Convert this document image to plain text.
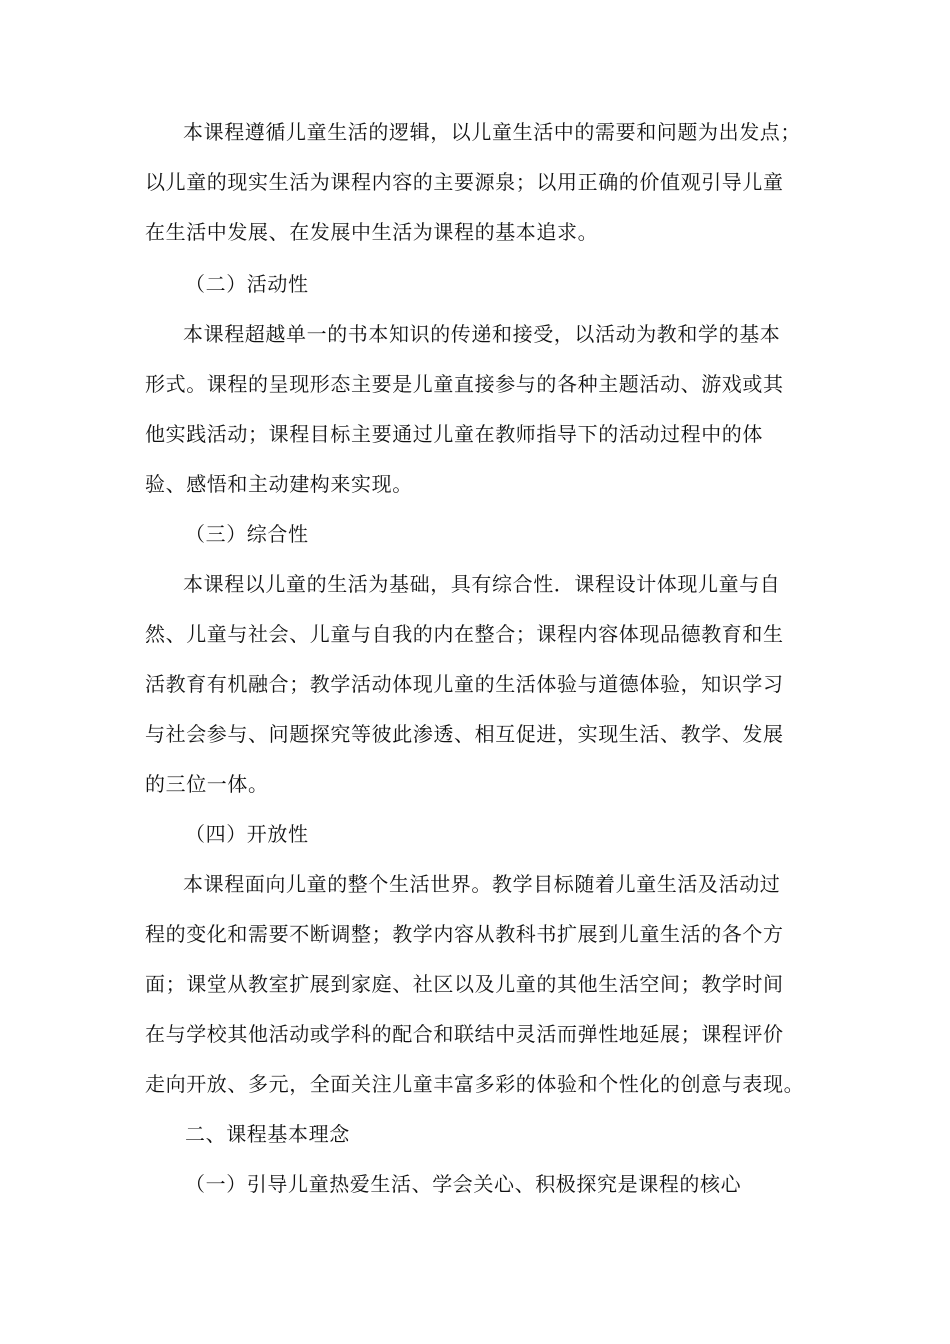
本课程遵循儿童生活的逻辑，以儿童生活中的需要和问题为出发点；
以儿童的现实生活为课程内容的主要源泉；以用正确的价值观引导儿童
在生活中发展、在发展中生活为课程的基本追求。
（二）活动性
本课程超越单一的书本知识的传递和接受，以活动为教和学的基本
形式。课程的呈现形态主要是儿童直接参与的各种主题活动、游戏或其
他实践活动；课程目标主要通过儿童在教师指导下的活动过程中的体
验、感悟和主动建构来实现。
（三）综合性
本课程以儿童的生活为基础，具有综合性．课程设计体现儿童与自
然、儿童与社会、儿童与自我的内在整合；课程内容体现品德教育和生
活教育有机融合；教学活动体现儿童的生活体验与道德体验，知识学习
与社会参与、问题探究等彼此渗透、相互促进，实现生活、教学、发展
的三位一体。
（四）开放性
本课程面向儿童的整个生活世界。教学目标随着儿童生活及活动过
程的变化和需要不断调整；教学内容从教科书扩展到儿童生活的各个方
面；课堂从教室扩展到家庭、社区以及儿童的其他生活空间；教学时间
在与学校其他活动或学科的配合和联结中灵活而弹性地延展；课程评价
走向开放、多元，全面关注儿童丰富多彩的体验和个性化的创意与表现。
二、课程基本理念
（一）引导儿童热爱生活、学会关心、积极探究是课程的核心
